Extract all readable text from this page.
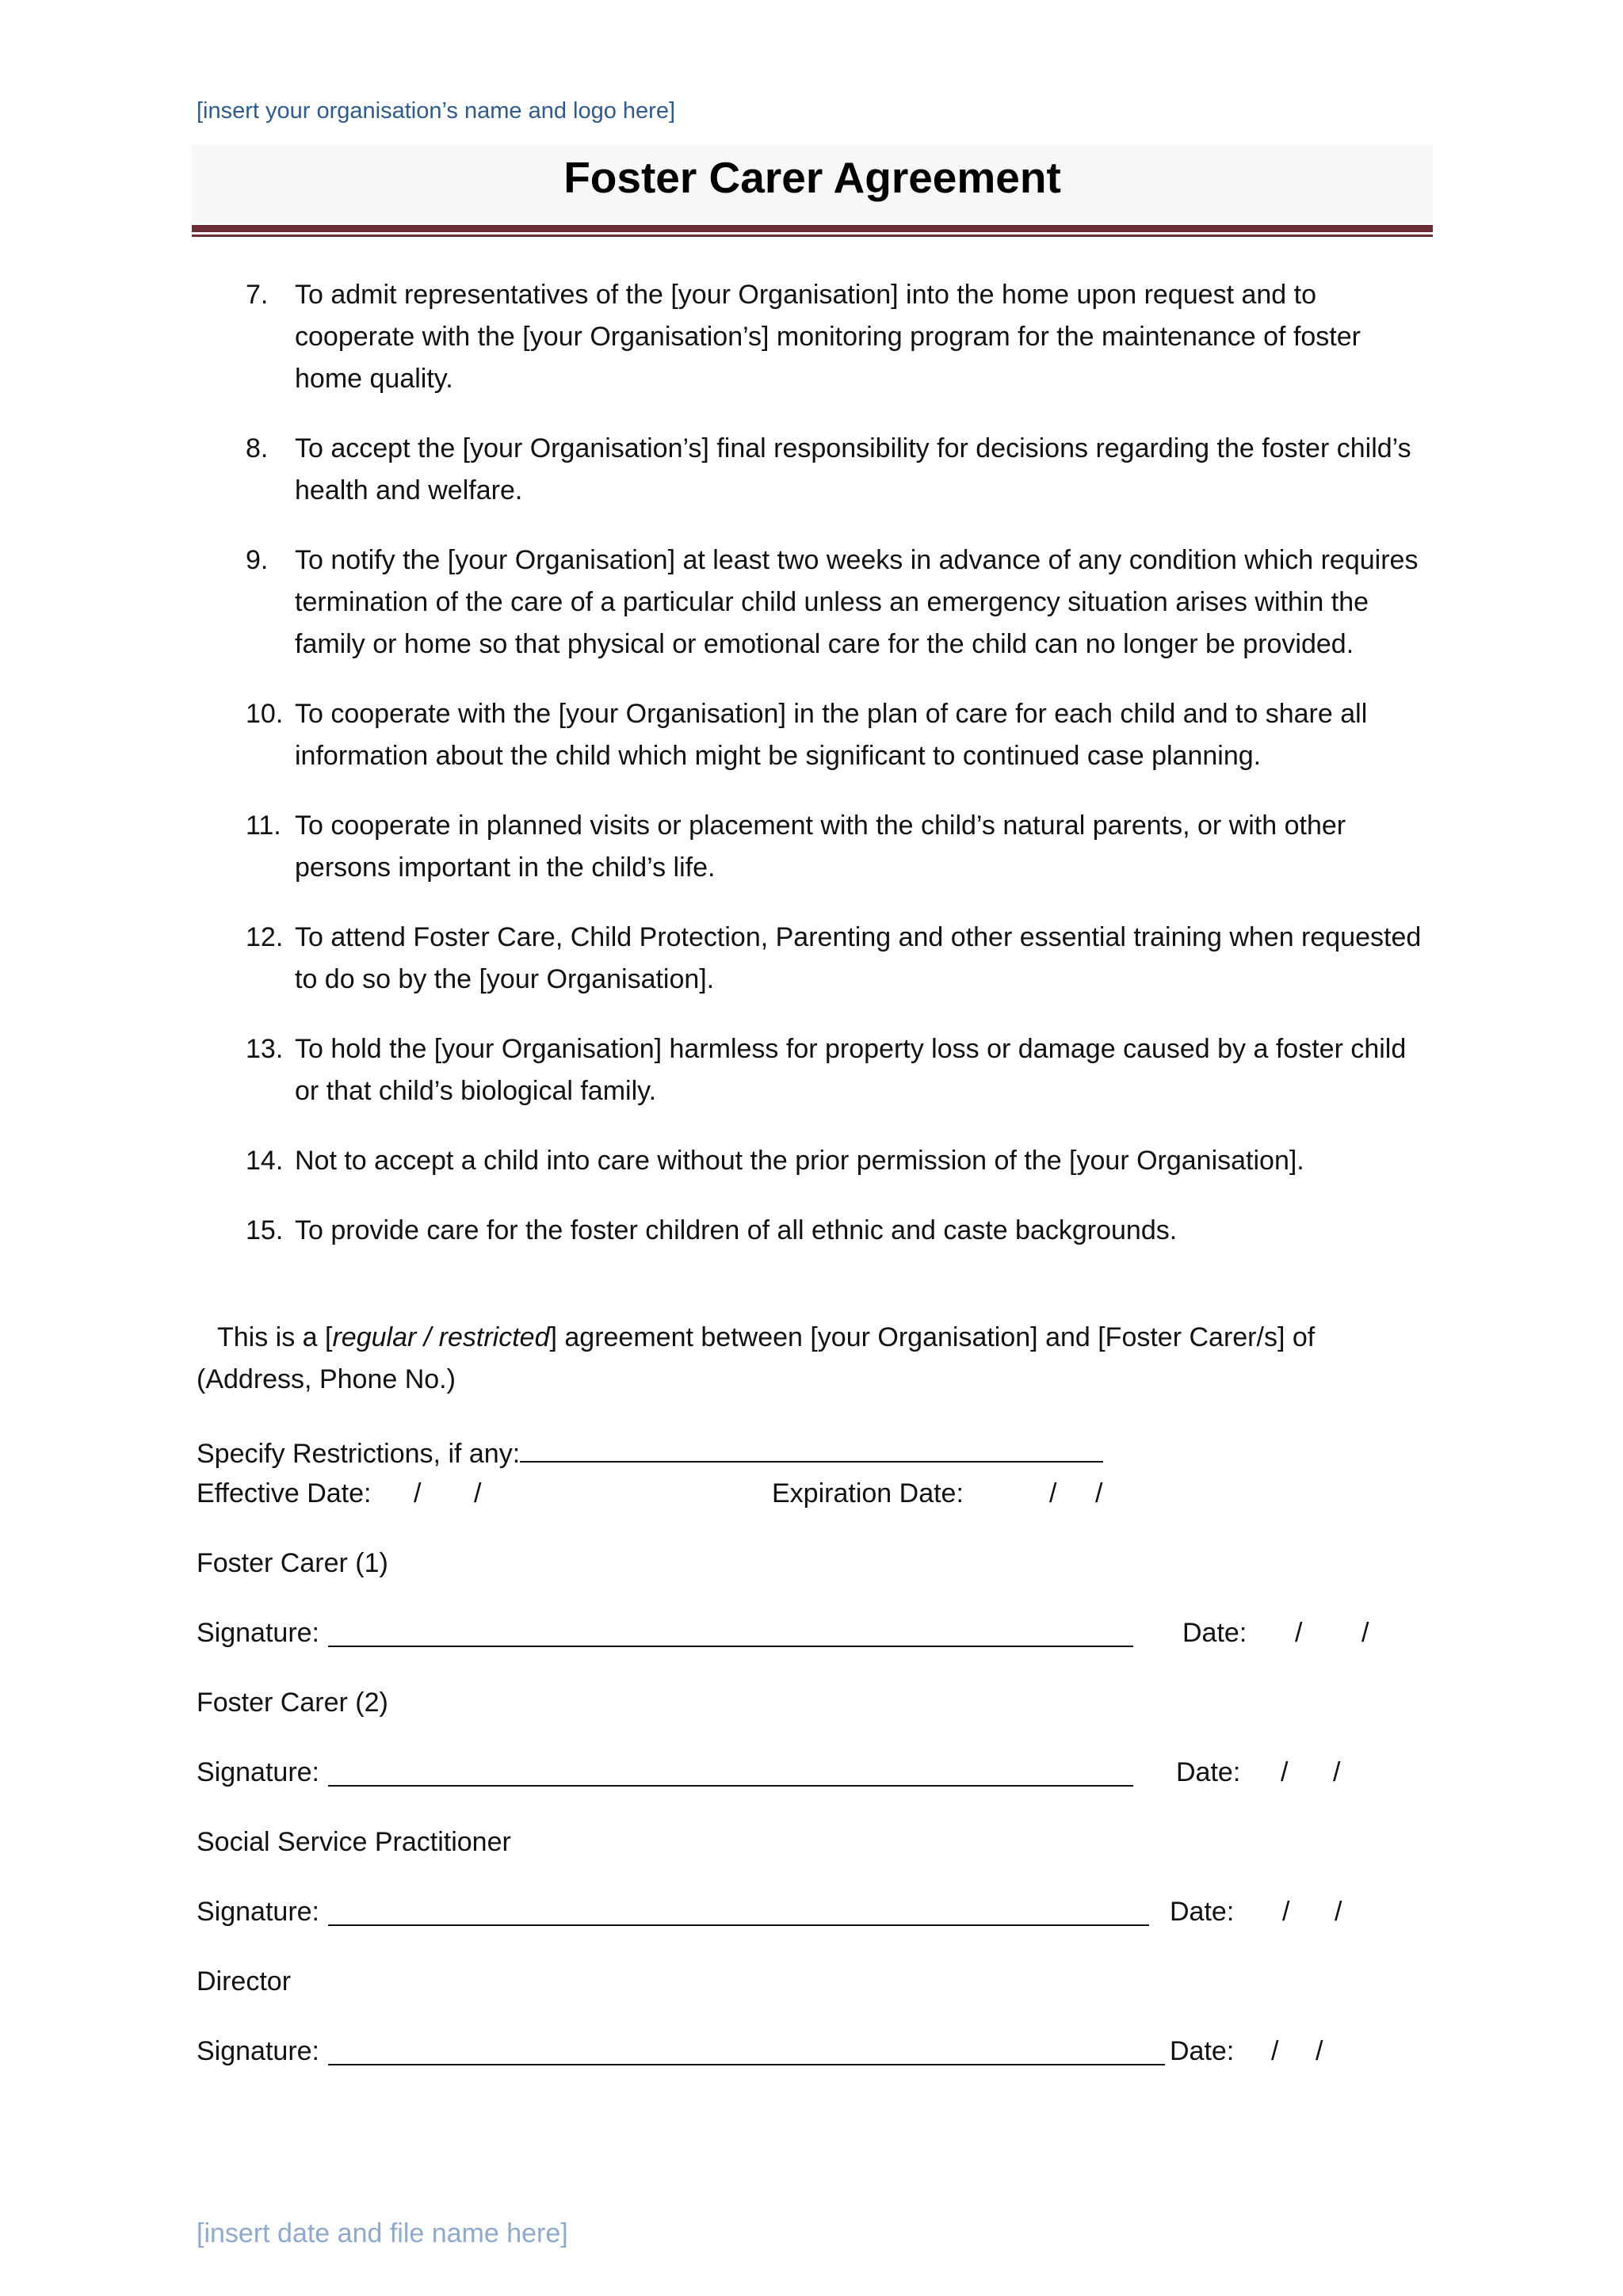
[insert your organisation’s name and logo here]
Foster Carer Agreement
7. To admit representatives of the [your Organisation] into the home upon request and to cooperate with the [your Organisation’s] monitoring program for the maintenance of foster home quality.
8. To accept the [your Organisation’s] final responsibility for decisions regarding the foster child’s health and welfare.
9. To notify the [your Organisation] at least two weeks in advance of any condition which requires termination of the care of a particular child unless an emergency situation arises within the family or home so that physical or emotional care for the child can no longer be provided.
10. To cooperate with the [your Organisation] in the plan of care for each child and to share all information about the child which might be significant to continued case planning.
11. To cooperate in planned visits or placement with the child’s natural parents, or with other persons important in the child’s life.
12. To attend Foster Care, Child Protection, Parenting and other essential training when requested to do so by the [your Organisation].
13. To hold the [your Organisation] harmless for property loss or damage caused by a foster child or that child’s biological family.
14. Not to accept a child into care without the prior permission of the [your Organisation].
15. To provide care for the foster children of all ethnic and caste backgrounds.
This is a [regular / restricted] agreement between [your Organisation] and [Foster Carer/s] of
(Address, Phone No.)
Specify Restrictions, if any:
Effective Date: / /	Expiration Date:	/ /
Foster Carer (1)
Signature:	Date: / /
Foster Carer (2)
Signature:	Date: / /
Social Service Practitioner
Signature:	Date: / /
Director
Signature:	Date: / /
[insert date and file name here]
